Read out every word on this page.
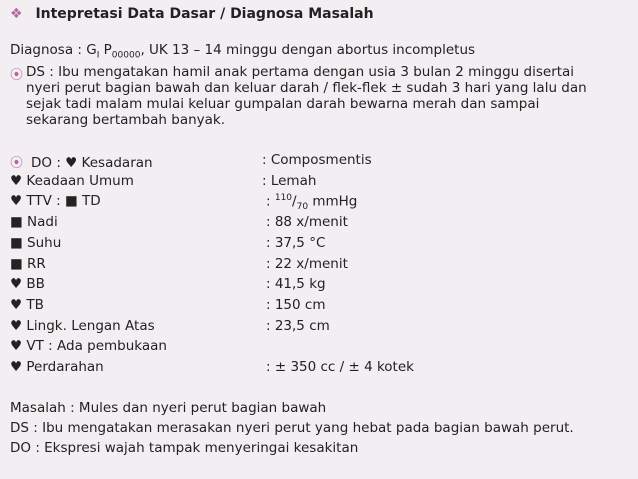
❖ Intepretasi Data Dasar / Diagnosa Masalah
Diagnosa : $G_I$ $P_{00000}$, UK 13 – 14 minggu dengan abortus incompletus
⦿ DS : Ibu mengatakan hamil anak pertama dengan usia 3 bulan 2 minggu disertai
nyeri perut bagian bawah dan keluar darah / flek-flek ± sudah 3 hari yang lalu dan
sejak tadi malam mulai keluar gumpalan darah bewarna merah dan sampai
sekarang bertambah banyak.
⦿ DO : ♥ Kesadaran	: Composmentis
♥ Keadaan Umum	: Lemah
♥ TTV : ■ TD	: $^{110}/_{70}$ mmHg
■ Nadi	: 88 x/menit
■ Suhu	: 37,5 °C
■ RR	: 22 x/menit
♥ BB	: 41,5 kg
♥ TB	: 150 cm
♥ Lingk. Lengan Atas	: 23,5 cm
♥ VT : Ada pembukaan
♥ Perdarahan	: ± 350 cc / ± 4 kotek
Masalah : Mules dan nyeri perut bagian bawah
DS : Ibu mengatakan merasakan nyeri perut yang hebat pada bagian bawah perut.
DO : Ekspresi wajah tampak menyeringai kesakitan
